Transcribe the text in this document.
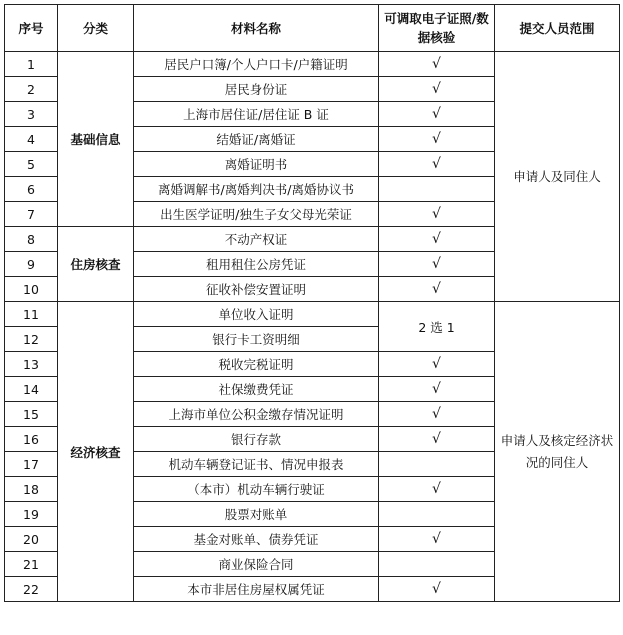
序号	分类	材料名称	可调取电子证照/数据核验	提交人员范围
1	基础信息	居民户口簿/个人户口卡/户籍证明	√	申请人及同住人
2		居民身份证	√	
3		上海市居住证/居住证 B 证	√	
4		结婚证/离婚证	√	
5		离婚证明书	√	
6		离婚调解书/离婚判决书/离婚协议书		
7		出生医学证明/独生子女父母光荣证	√	
8	住房核查	不动产权证	√	
9		租用租住公房凭证	√	
10		征收补偿安置证明	√	
11	经济核查	单位收入证明	2 选 1	申请人及核定经济状况的同住人
12		银行卡工资明细		
13		税收完税证明	√	
14		社保缴费凭证	√	
15		上海市单位公积金缴存情况证明	√	
16		银行存款	√	
17		机动车辆登记证书、情况申报表		
18		（本市）机动车辆行驶证	√	
19		股票对账单		
20		基金对账单、债券凭证	√	
21		商业保险合同		
22		本市非居住房屋权属凭证	√	
